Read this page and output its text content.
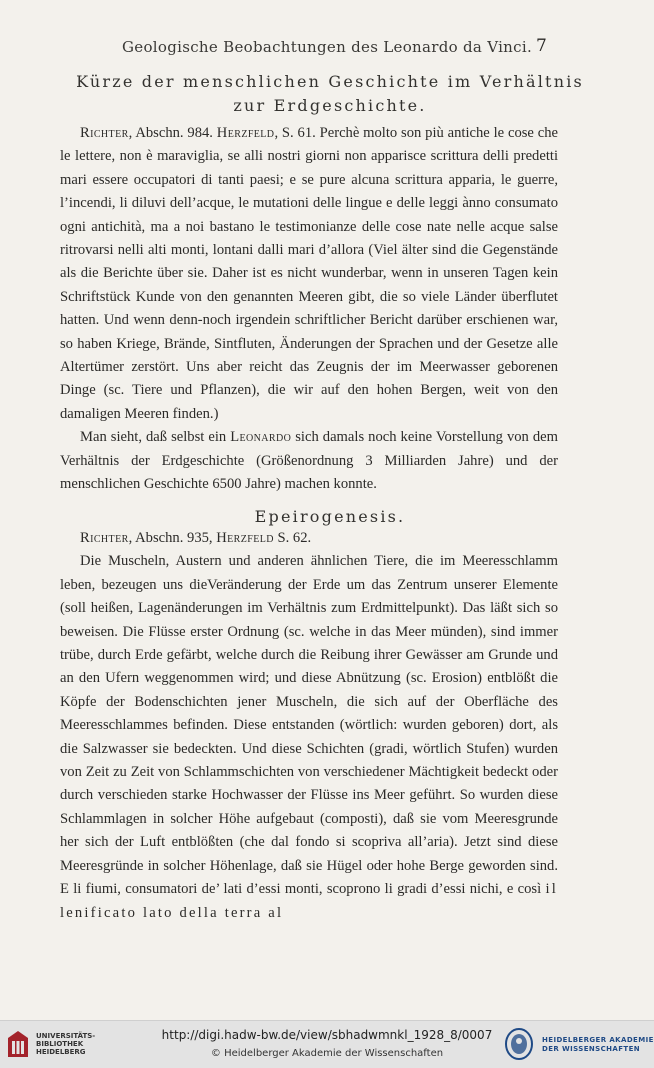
Geologische Beobachtungen des Leonardo da Vinci. 7
Kürze der menschlichen Geschichte im Verhältnis
zur Erdgeschichte.

Richter, Abschn. 984. Herzfeld, S. 61. Perchè molto son più antiche le cose che le lettere, non è maraviglia, se alli nostri giorni non apparisce scrittura delli predetti mari essere occupatori di tanti paesi; e se pure alcuna scrittura apparia, le guerre, l’incendi, li diluvi dell’acque, le mutationi delle lingue e delle leggi ànno consumato ogni antichità, ma a noi bastano le testimonianze delle cose nate nelle acque salse ritrovarsi nelli alti monti, lontani dalli mari d’allora (Viel älter sind die Gegenstände als die Berichte über sie. Daher ist es nicht wunderbar, wenn in unseren Tagen kein Schriftstück Kunde von den genannten Meeren gibt, die so viele Länder überflutet hatten. Und wenn denn-noch irgendein schriftlicher Bericht darüber erschienen war, so haben Kriege, Brände, Sintfluten, Änderungen der Sprachen und der Gesetze alle Altertümer zerstört. Uns aber reicht das Zeugnis der im Meerwasser geborenen Dinge (sc. Tiere und Pflanzen), die wir auf den hohen Bergen, weit von den damaligen Meeren finden.)

Man sieht, daß selbst ein Leonardo sich damals noch keine Vorstellung von dem Verhältnis der Erdgeschichte (Größenordnung 3 Milliarden Jahre) und der menschlichen Geschichte 6500 Jahre) machen konnte.

Epeirogenesis.

Richter, Abschn. 935, Herzfeld S. 62.

Die Muscheln, Austern und anderen ähnlichen Tiere, die im Meeresschlamm leben, bezeugen uns dieVeränderung der Erde um das Zentrum unserer Elemente (soll heißen, Lagenänderungen im Verhältnis zum Erdmittelpunkt). Das läßt sich so beweisen. Die Flüsse erster Ordnung (sc. welche in das Meer münden), sind immer trübe, durch Erde gefärbt, welche durch die Reibung ihrer Gewässer am Grunde und an den Ufern weggenommen wird; und diese Abnützung (sc. Erosion) entblößt die Köpfe der Bodenschichten jener Muscheln, die sich auf der Oberfläche des Meeresschlammes befinden. Diese entstanden (wörtlich: wurden geboren) dort, als die Salzwasser sie bedeckten. Und diese Schichten (gradi, wörtlich Stufen) wurden von Zeit zu Zeit von Schlammschichten von verschiedener Mächtigkeit bedeckt oder durch verschieden starke Hochwasser der Flüsse ins Meer geführt. So wurden diese Schlammlagen in solcher Höhe aufgebaut (composti), daß sie vom Meeresgrunde her sich der Luft entblößten (che dal fondo si scopriva all’aria). Jetzt sind diese Meeresgründe in solcher Höhenlage, daß sie Hügel oder hohe Berge geworden sind. E li fiumi, consumatori de’ lati d’essi monti, scoprono li gradi d’essi nichi, e così il lenificato lato della terra al

UNIVERSITÄTS-
BIBLIOTHEK
HEIDELBERG
http://digi.hadw-bw.de/view/sbhadwmnkl_1928_8/0007
© Heidelberger Akademie der Wissenschaften
HEIDELBERGER AKADEMIE
DER WISSENSCHAFTEN
